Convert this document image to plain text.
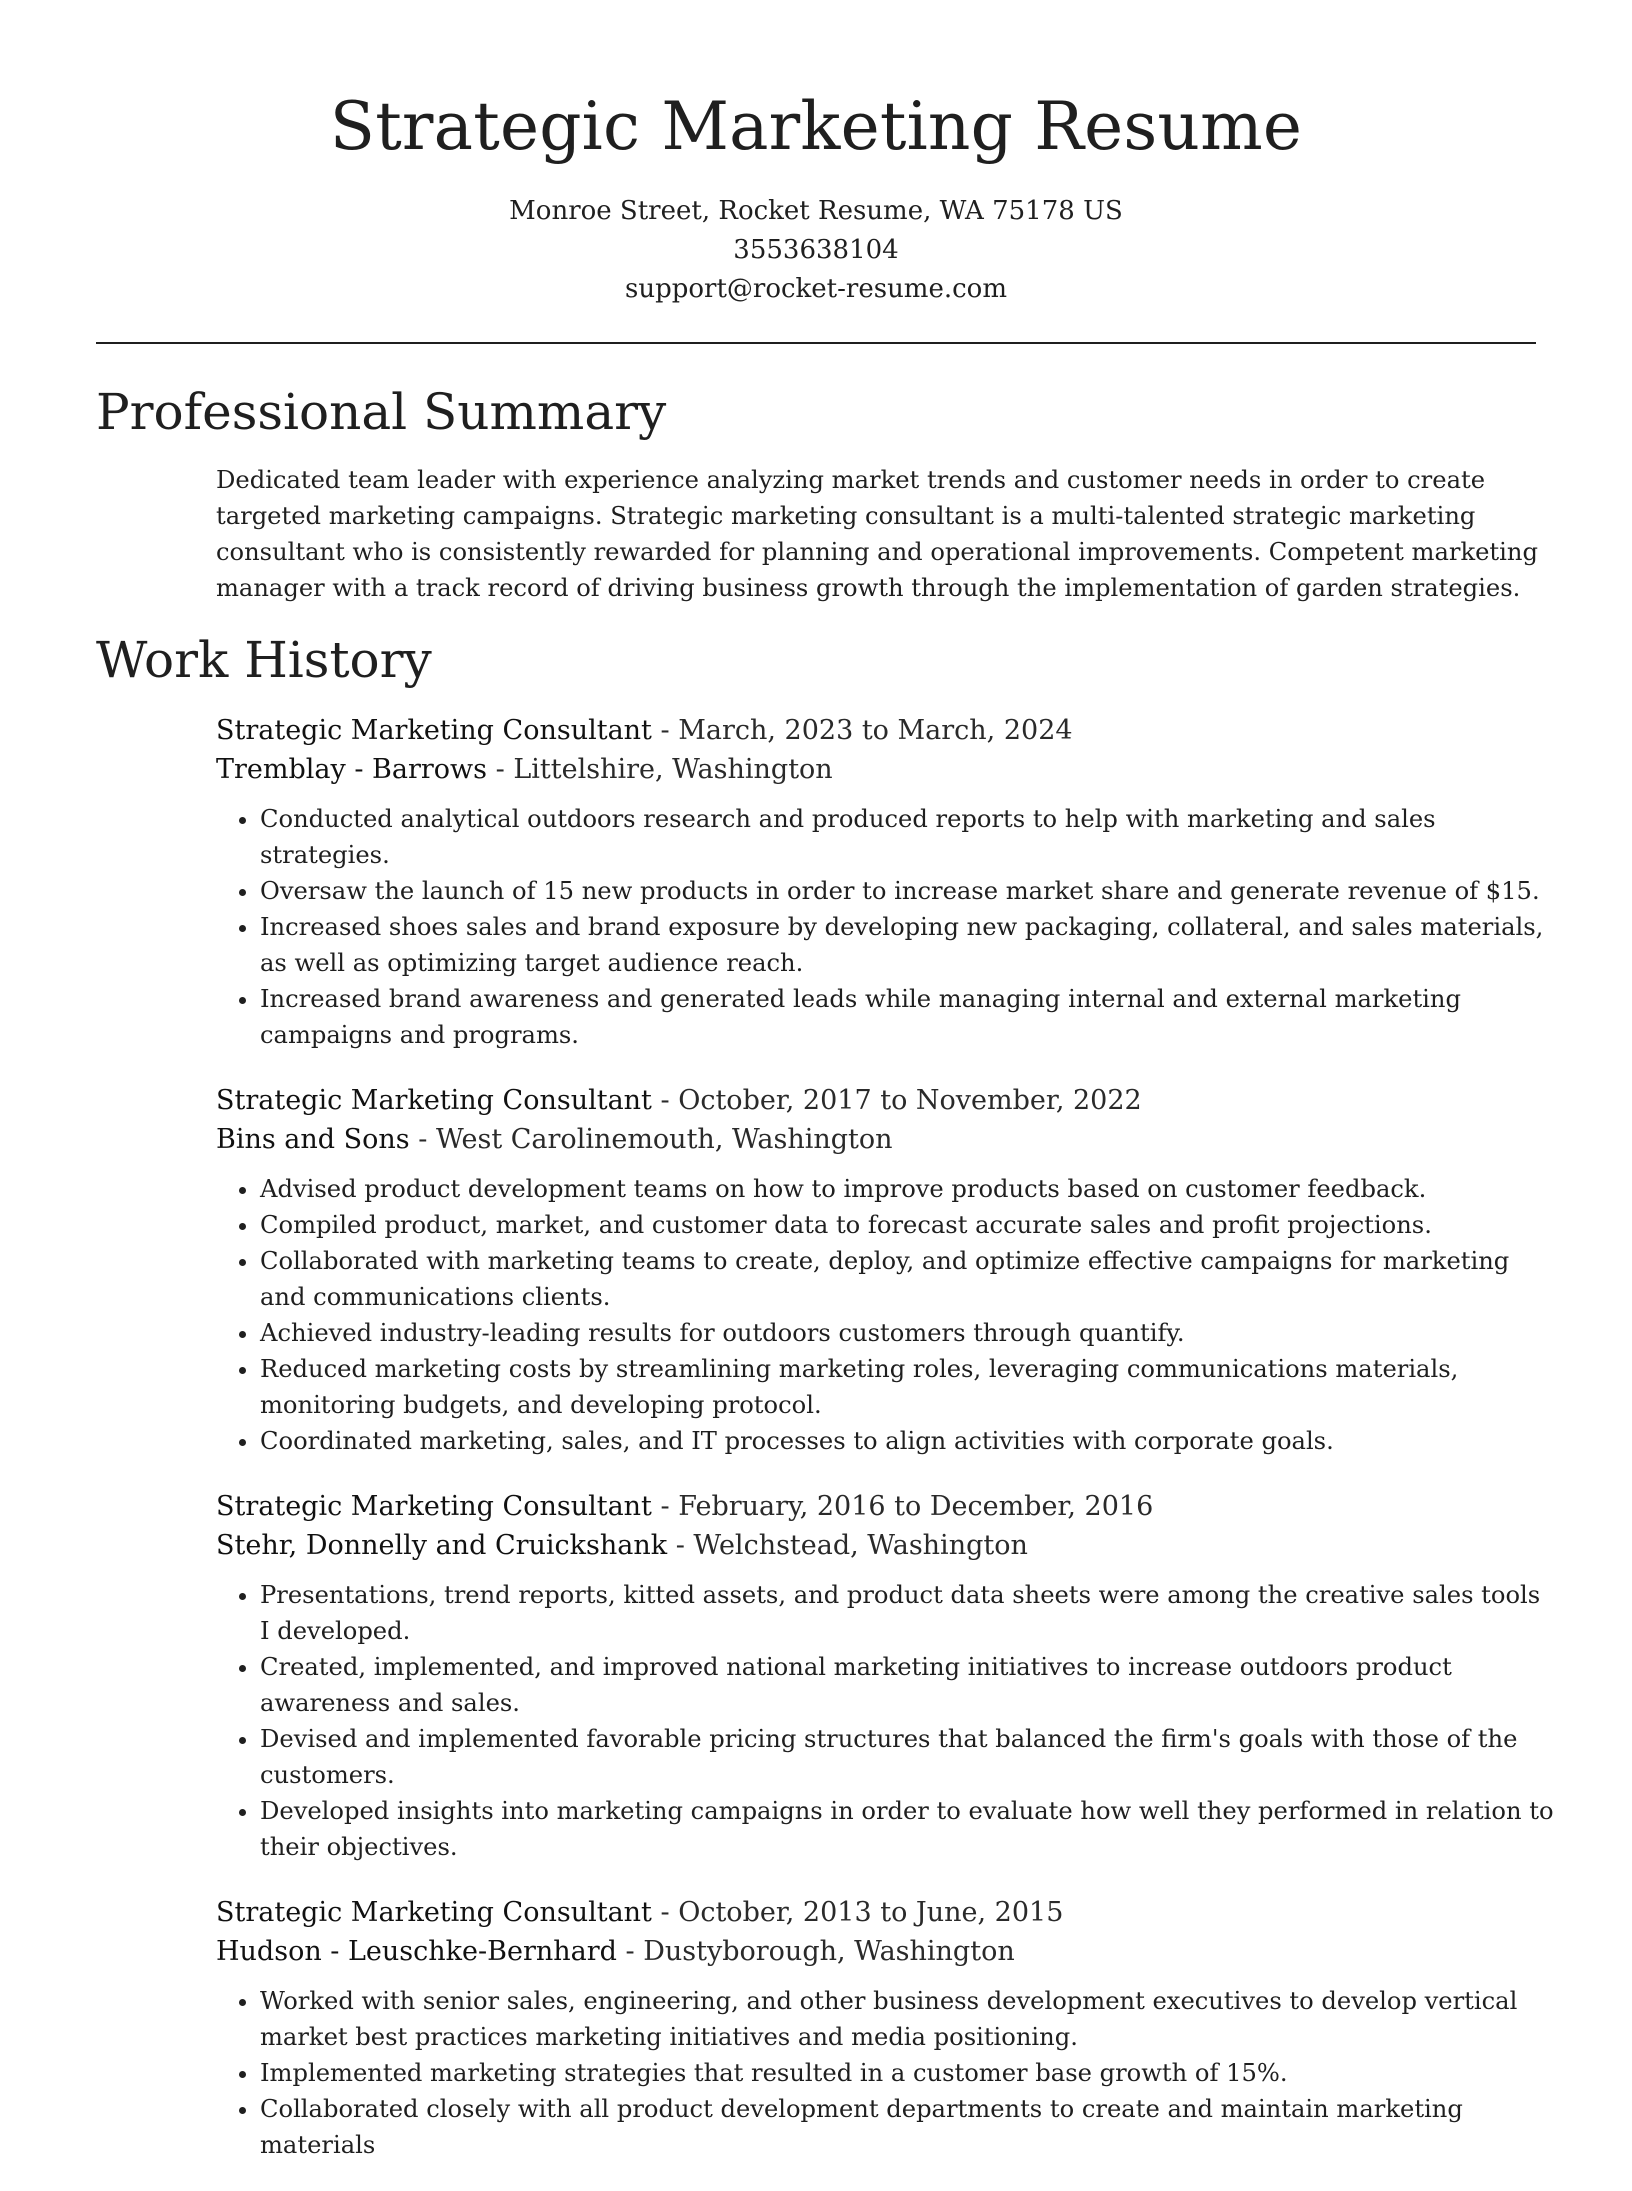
Strategic Marketing Resume
Monroe Street, Rocket Resume, WA 75178 US
3553638104
support@rocket-resume.com
Professional Summary

Dedicated team leader with experience analyzing market trends and customer needs in order to create targeted marketing campaigns. Strategic marketing consultant is a multi-talented strategic marketing consultant who is consistently rewarded for planning and operational improvements. Competent marketing manager with a track record of driving business growth through the implementation of garden strategies.

Work History
Strategic Marketing Consultant - March, 2023 to March, 2024
Tremblay - Barrows - Littelshire, Washington
• Conducted analytical outdoors research and produced reports to help with marketing and sales strategies.
• Oversaw the launch of 15 new products in order to increase market share and generate revenue of $15.
• Increased shoes sales and brand exposure by developing new packaging, collateral, and sales materials, as well as optimizing target audience reach.
• Increased brand awareness and generated leads while managing internal and external marketing campaigns and programs.
Strategic Marketing Consultant - October, 2017 to November, 2022
Bins and Sons - West Carolinemouth, Washington
• Advised product development teams on how to improve products based on customer feedback.
• Compiled product, market, and customer data to forecast accurate sales and profit projections.
• Collaborated with marketing teams to create, deploy, and optimize effective campaigns for marketing and communications clients.
• Achieved industry-leading results for outdoors customers through quantify.
• Reduced marketing costs by streamlining marketing roles, leveraging communications materials, monitoring budgets, and developing protocol.
• Coordinated marketing, sales, and IT processes to align activities with corporate goals.
Strategic Marketing Consultant - February, 2016 to December, 2016
Stehr, Donnelly and Cruickshank - Welchstead, Washington
• Presentations, trend reports, kitted assets, and product data sheets were among the creative sales tools I developed.
• Created, implemented, and improved national marketing initiatives to increase outdoors product awareness and sales.
• Devised and implemented favorable pricing structures that balanced the firm's goals with those of the customers.
• Developed insights into marketing campaigns in order to evaluate how well they performed in relation to their objectives.
Strategic Marketing Consultant - October, 2013 to June, 2015
Hudson - Leuschke-Bernhard - Dustyborough, Washington
• Worked with senior sales, engineering, and other business development executives to develop vertical market best practices marketing initiatives and media positioning.
• Implemented marketing strategies that resulted in a customer base growth of 15%.
• Collaborated closely with all product development departments to create and maintain marketing materials
